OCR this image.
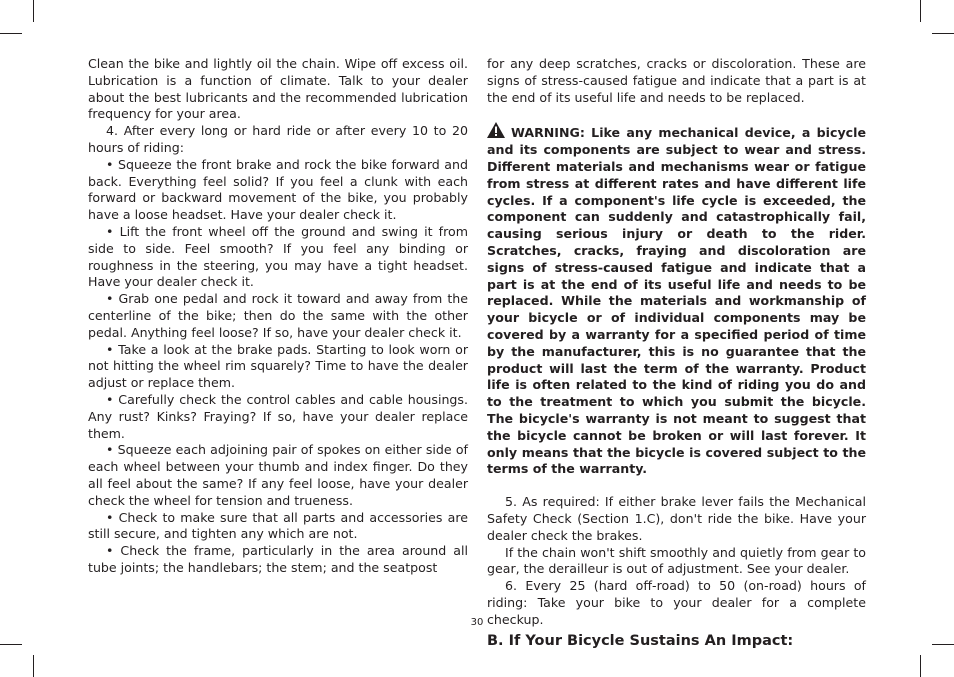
Clean the bike and lightly oil the chain. Wipe off excess oil. Lubrication is a function of climate. Talk to your dealer about the best lubricants and the recommended lubrication frequency for your area.

4. After every long or hard ride or after every 10 to 20 hours of riding:

• Squeeze the front brake and rock the bike forward and back. Everything feel solid? If you feel a clunk with each forward or backward movement of the bike, you probably have a loose headset. Have your dealer check it.

• Lift the front wheel off the ground and swing it from side to side. Feel smooth? If you feel any binding or roughness in the steering, you may have a tight headset. Have your dealer check it.

• Grab one pedal and rock it toward and away from the centerline of the bike; then do the same with the other pedal. Anything feel loose? If so, have your dealer check it.

• Take a look at the brake pads. Starting to look worn or not hitting the wheel rim squarely? Time to have the dealer adjust or replace them.

• Carefully check the control cables and cable housings. Any rust? Kinks? Fraying? If so, have your dealer replace them.

• Squeeze each adjoining pair of spokes on either side of each wheel between your thumb and index finger. Do they all feel about the same? If any feel loose, have your dealer check the wheel for tension and trueness.

• Check to make sure that all parts and accessories are still secure, and tighten any which are not.

• Check the frame, particularly in the area around all tube joints; the handlebars; the stem; and the seatpost

for any deep scratches, cracks or discoloration. These are signs of stress-caused fatigue and indicate that a part is at the end of its useful life and needs to be replaced.

WARNING: Like any mechanical device, a bicycle and its components are subject to wear and stress. Different materials and mechanisms wear or fatigue from stress at different rates and have different life cycles. If a component's life cycle is exceeded, the component can suddenly and catastrophically fail, causing serious injury or death to the rider. Scratches, cracks, fraying and discoloration are signs of stress-caused fatigue and indicate that a part is at the end of its useful life and needs to be replaced. While the materials and workmanship of your bicycle or of individual components may be covered by a warranty for a specified period of time by the manufacturer, this is no guarantee that the product will last the term of the warranty. Product life is often related to the kind of riding you do and to the treatment to which you submit the bicycle. The bicycle's warranty is not meant to suggest that the bicycle cannot be broken or will last forever. It only means that the bicycle is covered subject to the terms of the warranty.

5. As required: If either brake lever fails the Mechanical Safety Check (Section 1.C), don't ride the bike. Have your dealer check the brakes.

If the chain won't shift smoothly and quietly from gear to gear, the derailleur is out of adjustment. See your dealer.

6. Every 25 (hard off-road) to 50 (on-road) hours of riding: Take your bike to your dealer for a complete checkup.

B. If Your Bicycle Sustains An Impact:

30
